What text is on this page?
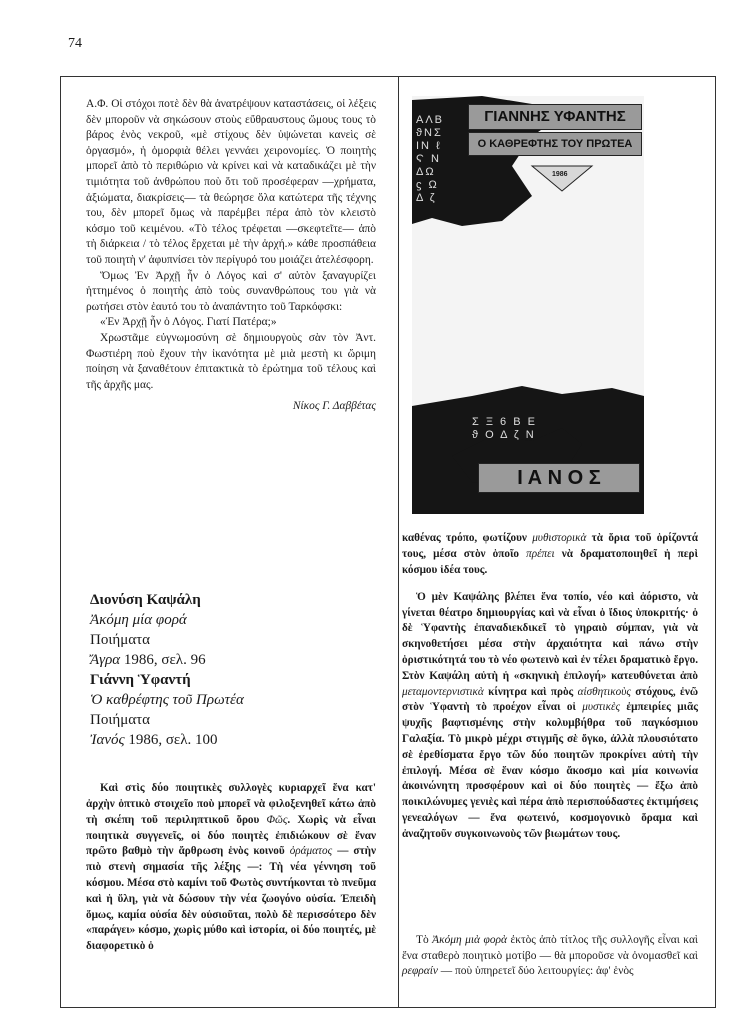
74

Α.Φ. Οἱ στόχοι ποτὲ δὲν θὰ ἀνατρέψουν καταστάσεις, οἱ λέξεις δὲν μποροῦν νὰ σηκώσουν στοὺς εὔθραυστους ὤμους τους τὸ βάρος ἑνὸς νεκροῦ, «μὲ στίχους δὲν ὑψώνεται κανεὶς σὲ ὀργασμό», ἡ ὁμορφιὰ θέλει γεννάει χειρονομίες. Ὁ ποιητὴς μπορεῖ ἀπὸ τὸ περιθώριο νὰ κρίνει καὶ νὰ καταδικάζει μὲ τὴν τιμιότητα τοῦ ἀνθρώπου ποὺ ὅτι τοῦ προσέφεραν —χρήματα, ἀξιώματα, διακρίσεις— τὰ θεώρησε ὅλα κατώτερα τῆς τέχνης του, δὲν μπορεῖ ὅμως νὰ παρέμβει πέρα ἀπὸ τὸν κλειστὸ κόσμο τοῦ κειμένου. «Τὸ τέλος τρέφεται —σκεφτεῖτε— ἀπὸ τὴ διάρκεια / τὸ τέλος ἔρχεται μὲ τὴν ἀρχή.» κάθε προσπάθεια τοῦ ποιητὴ ν' ἀφυπνίσει τὸν περίγυρό του μοιάζει ἀτελέσφορη.

Ὅμως Ἐν Ἀρχῇ ἦν ὁ Λόγος καὶ σ' αὐτὸν ξαναγυρίζει ἡττημένος ὁ ποιητὴς ἀπὸ τοὺς συνανθρώπους του γιὰ νὰ ρωτήσει στὸν ἑαυτό του τὸ ἀναπάντητο τοῦ Ταρκόφσκι:

«Ἐν Ἀρχῇ ἦν ὁ Λόγος. Γιατί Πατέρα;»

Χρωστᾶμε εὐγνωμοσύνη σὲ δημιουργοὺς σὰν τὸν Ἀντ. Φωστιέρη ποὺ ἔχουν τὴν ἱκανότητα μὲ μιὰ μεστὴ κι ὥριμη ποίηση νὰ ξαναθέτουν ἐπιτακτικὰ τὸ ἐρώτημα τοῦ τέλους καὶ τῆς ἀρχῆς μας.

Νίκος Γ. Δαββέτας

Διονύση Καψάλη
Ἀκόμη μία φορά
Ποιήματα
Ἄγρα 1986, σελ. 96
Γιάννη Ὑφαντή
Ὁ καθρέφτης τοῦ Πρωτέα
Ποιήματα
Ἰανός 1986, σελ. 100

Καὶ στὶς δύο ποιητικὲς συλλογὲς κυριαρχεῖ ἕνα κατ' ἀρχὴν ὀπτικὸ στοιχεῖο ποὺ μπορεῖ νὰ φιλοξενηθεῖ κάτω ἀπὸ τὴ σκέπη τοῦ περιληπτικοῦ ὅρου Φῶς. Χωρὶς νὰ εἶναι ποιητικὰ συγγενεῖς, οἱ δύο ποιητὲς ἐπιδιώκουν σὲ ἕναν πρῶτο βαθμὸ τὴν ἄρθρωση ἑνὸς κοινοῦ ὁράματος — στὴν πιὸ στενὴ σημασία τῆς λέξης —: Τὴ νέα γέννηση τοῦ κόσμου. Μέσα στὸ καμίνι τοῦ Φωτὸς συντήκονται τὸ πνεῦμα καὶ ἡ ὕλη, γιὰ νὰ δώσουν τὴν νέα ζωογόνο οὐσία. Ἐπειδὴ ὅμως, καμία οὐσία δὲν οὐσιοῦται, πολὺ δὲ περισσότερο δὲν «παράγει» κόσμο, χωρὶς μύθο καὶ ἱστορία, οἱ δύο ποιητές, μὲ διαφορετικὸ ὁ

ΑΛΒ
ϑΝΣ
ΙΝ ℓ
Ϛ Ν
ΔΩ
ϛ Ω
Δ ζ
Σ Ξ 6 Β Ε
ϑ Ο Δ ζ Ν
ΓΙΑΝΝΗΣ ΥΦΑΝΤΗΣ
Ο ΚΑΘΡΕΦΤΗΣ ΤΟΥ ΠΡΩΤΕΑ
1986
Ι Α Ν Ο Σ

καθένας τρόπο, φωτίζουν μυθιστορικὰ τὰ ὅρια τοῦ ὁρίζοντά τους, μέσα στὸν ὁποῖο πρέπει νὰ δραματοποιηθεῖ ἡ περὶ κόσμου ἰδέα τους.

Ὁ μὲν Καψάλης βλέπει ἕνα τοπίο, νέο καὶ ἀόριστο, νὰ γίνεται θέατρο δημιουργίας καὶ νὰ εἶναι ὁ ἴδιος ὑποκριτής· ὁ δὲ Ὑφαντὴς ἐπαναδιεκδικεῖ τὸ γηραιὸ σύμπαν, γιὰ νὰ σκηνοθετήσει μέσα στὴν ἀρχαιότητα καὶ πάνω στὴν ὁριστικότητά του τὸ νέο φωτεινὸ καὶ ἐν τέλει δραματικὸ ἔργο. Στὸν Καψάλη αὐτὴ ἡ «σκηνικὴ ἐπιλογή» κατευθύνεται ἀπὸ μεταμοντερνιστικὰ κίνητρα καὶ πρὸς αἰσθητικοὺς στόχους, ἐνῶ στὸν Ὑφαντὴ τὸ προέχον εἶναι οἱ μυστικὲς ἐμπειρίες μιᾶς ψυχῆς βαφτισμένης στὴν κολυμβήθρα τοῦ παγκόσμιου Γαλαξία. Τὸ μικρὸ μέχρι στιγμῆς σὲ ὄγκο, ἀλλὰ πλουσιότατο σὲ ἐρεθίσματα ἔργο τῶν δύο ποιητῶν προκρίνει αὐτὴ τὴν ἐπιλογή. Μέσα σὲ ἕναν κόσμο ἄκοσμο καὶ μία κοινωνία ἀκοινώνητη προσφέρουν καὶ οἱ δύο ποιητὲς — ἔξω ἀπὸ ποικιλώνυμες γενιὲς καὶ πέρα ἀπὸ περισπούδαστες ἐκτιμήσεις γενεαλόγων — ἕνα φωτεινό, κοσμογονικὸ ὅραμα καὶ ἀναζητοῦν συγκοινωνοὺς τῶν βιωμάτων τους.

Τὸ Ἀκόμη μιὰ φορὰ ἐκτὸς ἀπὸ τίτλος τῆς συλλογῆς εἶναι καὶ ἕνα σταθερὸ ποιητικὸ μοτίβο — θὰ μποροῦσε νὰ ὀνομασθεῖ καὶ ρεφραίν — ποὺ ὑπηρετεῖ δύο λειτουργίες: ἀφ' ἑνὸς
